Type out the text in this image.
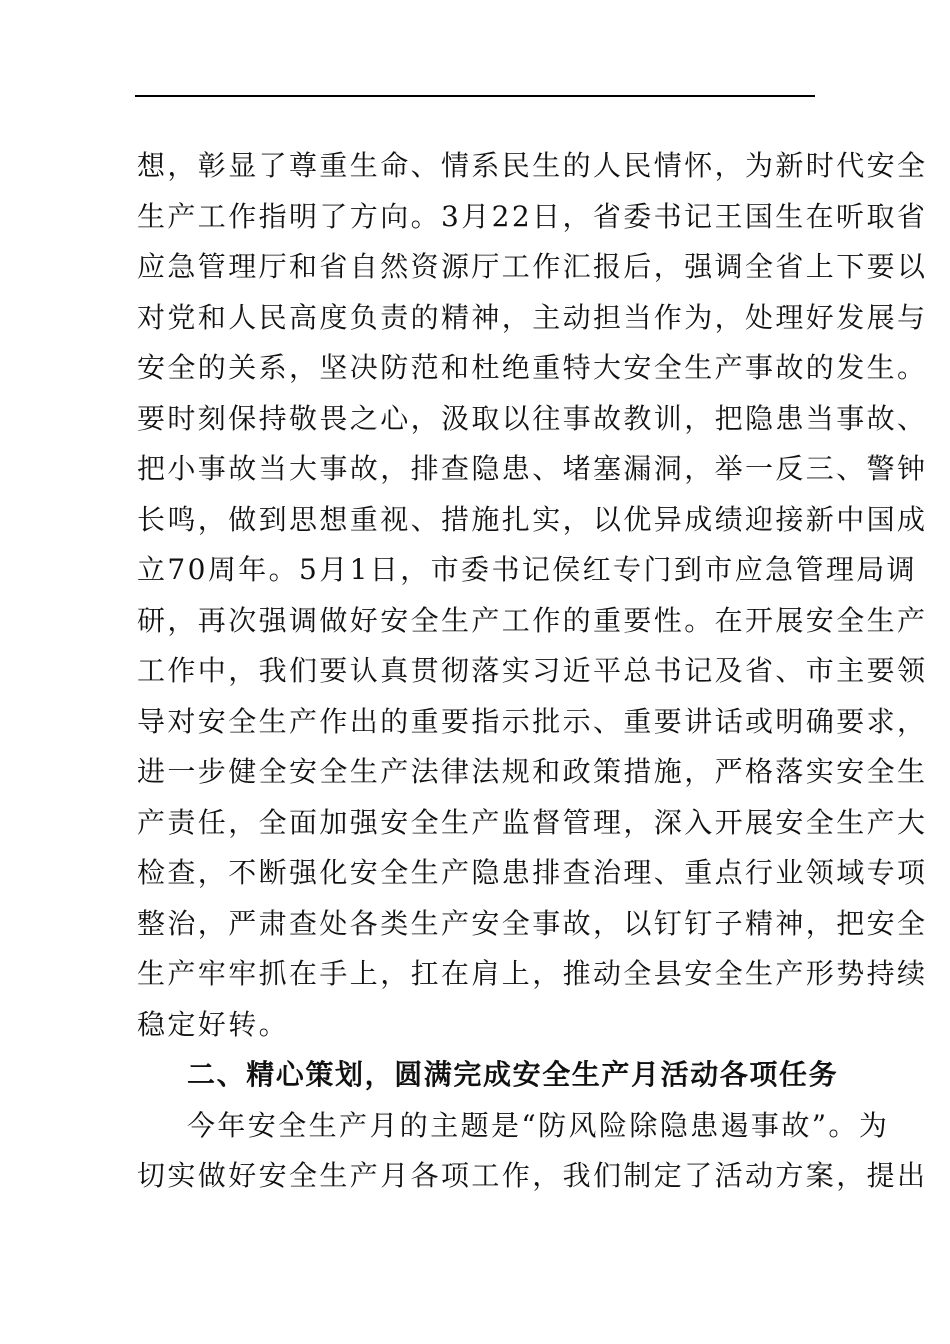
想，彰显了尊重生命、情系民生的人民情怀，为新时代安全
生产工作指明了方向。3月22日，省委书记王国生在听取省
应急管理厅和省自然资源厅工作汇报后，强调全省上下要以
对党和人民高度负责的精神，主动担当作为，处理好发展与
安全的关系，坚决防范和杜绝重特大安全生产事故的发生。
要时刻保持敬畏之心，汲取以往事故教训，把隐患当事故、
把小事故当大事故，排查隐患、堵塞漏洞，举一反三、警钟
长鸣，做到思想重视、措施扎实，以优异成绩迎接新中国成
立70周年。5月1日，市委书记侯红专门到市应急管理局调
研，再次强调做好安全生产工作的重要性。在开展安全生产
工作中，我们要认真贯彻落实习近平总书记及省、市主要领
导对安全生产作出的重要指示批示、重要讲话或明确要求，
进一步健全安全生产法律法规和政策措施，严格落实安全生
产责任，全面加强安全生产监督管理，深入开展安全生产大
检查，不断强化安全生产隐患排查治理、重点行业领域专项
整治，严肃查处各类生产安全事故，以钉钉子精神，把安全
生产牢牢抓在手上，扛在肩上，推动全县安全生产形势持续
稳定好转。
二、精心策划，圆满完成安全生产月活动各项任务
今年安全生产月的主题是“防风险除隐患遏事故”。为
切实做好安全生产月各项工作，我们制定了活动方案，提出
